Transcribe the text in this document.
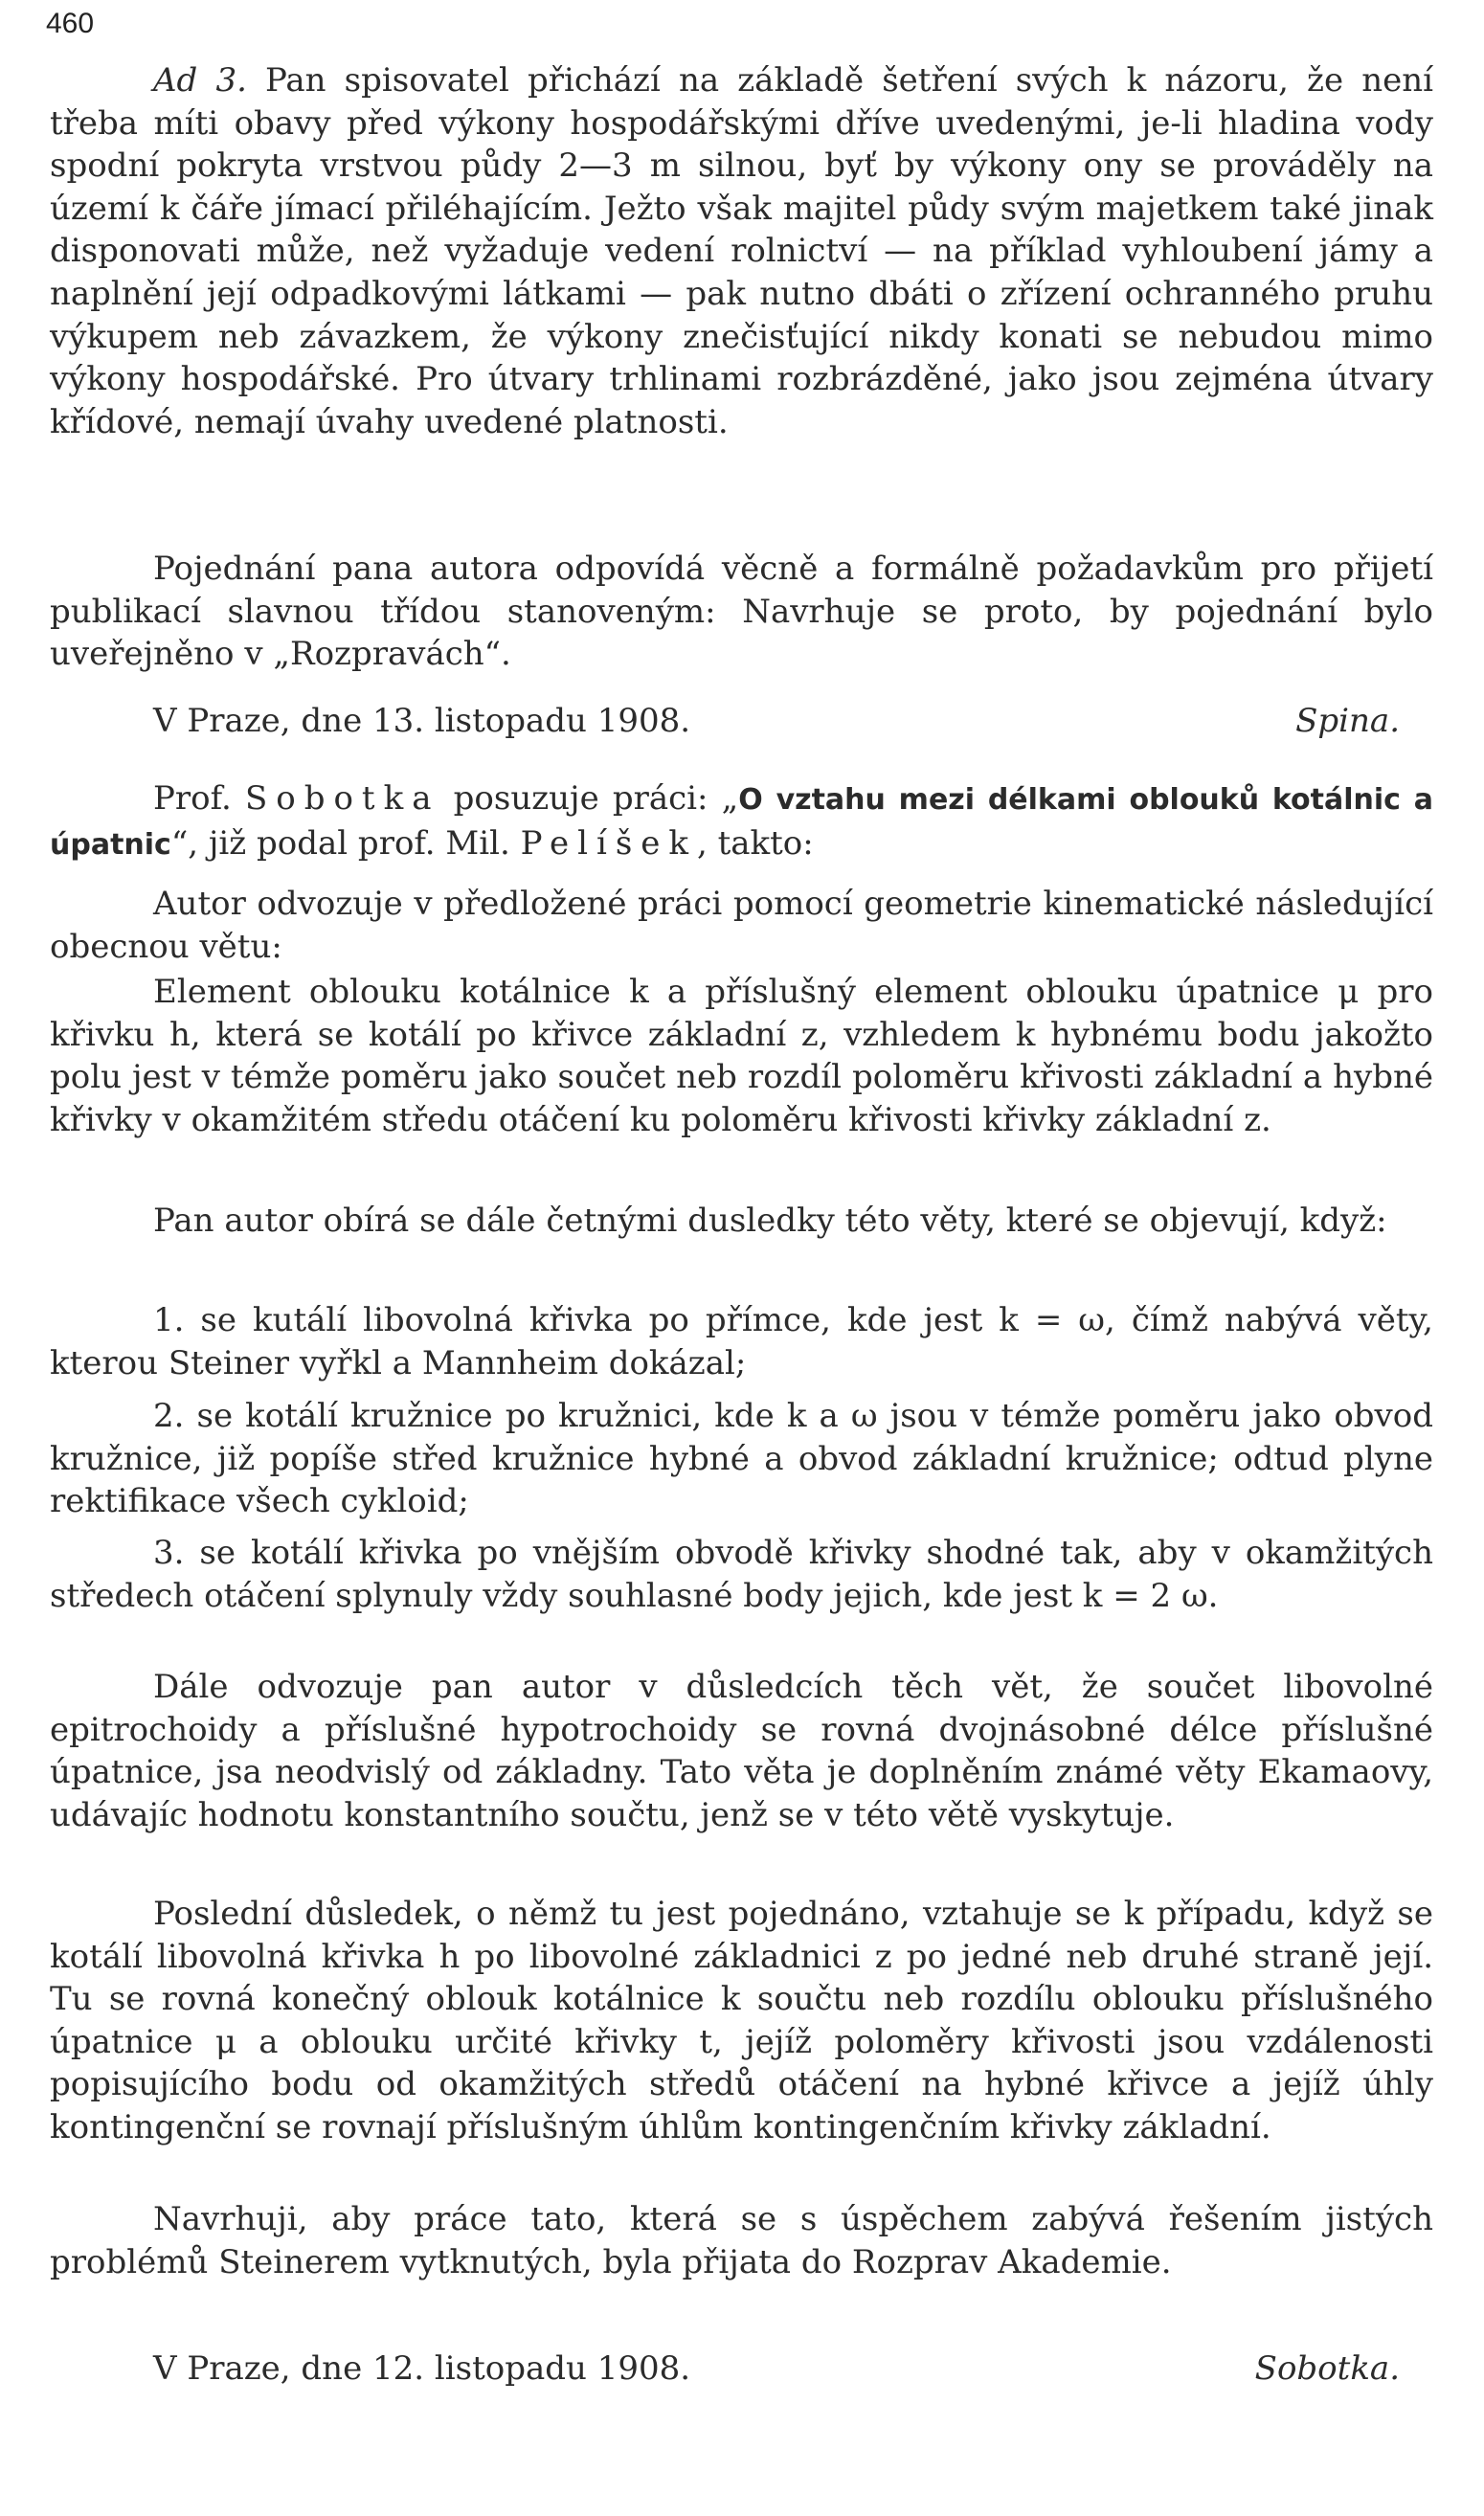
460

Ad 3. Pan spisovatel přichází na základě šetření svých k názoru, že není třeba míti obavy před výkony hospodářskými dříve uvedenými, je-li hladina vody spodní pokryta vrstvou půdy 2—3 m silnou, byť by výkony ony se prováděly na území k čáře jímací přiléhajícím. Ježto však majitel půdy svým majetkem také jinak disponovati může, než vyžaduje vedení rolnictví — na příklad vyhloubení jámy a naplnění její odpadkovými látkami — pak nutno dbáti o zřízení ochranného pruhu výkupem neb závazkem, že výkony znečisťující nikdy konati se nebudou mimo výkony hospodářské. Pro útvary trhlinami rozbrázděné, jako jsou zejména útvary křídové, nemají úvahy uvedené platnosti.

Pojednání pana autora odpovídá věcně a formálně požadavkům pro přijetí publikací slavnou třídou stanoveným: Navrhuje se proto, by pojednání bylo uveřejněno v „Rozpravách“.

V Praze, dne 13. listopadu 1908.	Spina.

Prof. Sobotka posuzuje práci: „O vztahu mezi délkami oblouků kotálnic a úpatnic“, již podal prof. Mil. Pelíšek, takto:

Autor odvozuje v předložené práci pomocí geometrie kinematické následující obecnou větu:

Element oblouku kotálnice k a příslušný element oblouku úpatnice μ pro křivku h, která se kotálí po křivce základní z, vzhledem k hybnému bodu jakožto polu jest v témže poměru jako součet neb rozdíl poloměru křivosti základní a hybné křivky v okamžitém středu otáčení ku poloměru křivosti křivky základní z.

Pan autor obírá se dále četnými dusledky této věty, které se objevují, když:

1. se kutálí libovolná křivka po přímce, kde jest k = ω, čímž nabývá věty, kterou Steiner vyřkl a Mannheim dokázal;

2. se kotálí kružnice po kružnici, kde k a ω jsou v témže poměru jako obvod kružnice, již popíše střed kružnice hybné a obvod základní kružnice; odtud plyne rektifikace všech cykloid;

3. se kotálí křivka po vnějším obvodě křivky shodné tak, aby v okamžitých středech otáčení splynuly vždy souhlasné body jejich, kde jest k = 2 ω.

Dále odvozuje pan autor v důsledcích těch vět, že součet libovolné epitrochoidy a příslušné hypotrochoidy se rovná dvojnásobné délce příslušné úpatnice, jsa neodvislý od základny. Tato věta je doplněním známé věty Ekamaovy, udávajíc hodnotu konstantního součtu, jenž se v této větě vyskytuje.

Poslední důsledek, o němž tu jest pojednáno, vztahuje se k případu, když se kotálí libovolná křivka h po libovolné základnici z po jedné neb druhé straně její. Tu se rovná konečný oblouk kotálnice k součtu neb rozdílu oblouku příslušného úpatnice μ a oblouku určité křivky t, jejíž poloměry křivosti jsou vzdálenosti popisujícího bodu od okamžitých středů otáčení na hybné křivce a jejíž úhly kontingenční se rovnají příslušným úhlům kontingenčním křivky základní.

Navrhuji, aby práce tato, která se s úspěchem zabývá řešením jistých problémů Steinerem vytknutých, byla přijata do Rozprav Akademie.

V Praze, dne 12. listopadu 1908.	Sobotka.
